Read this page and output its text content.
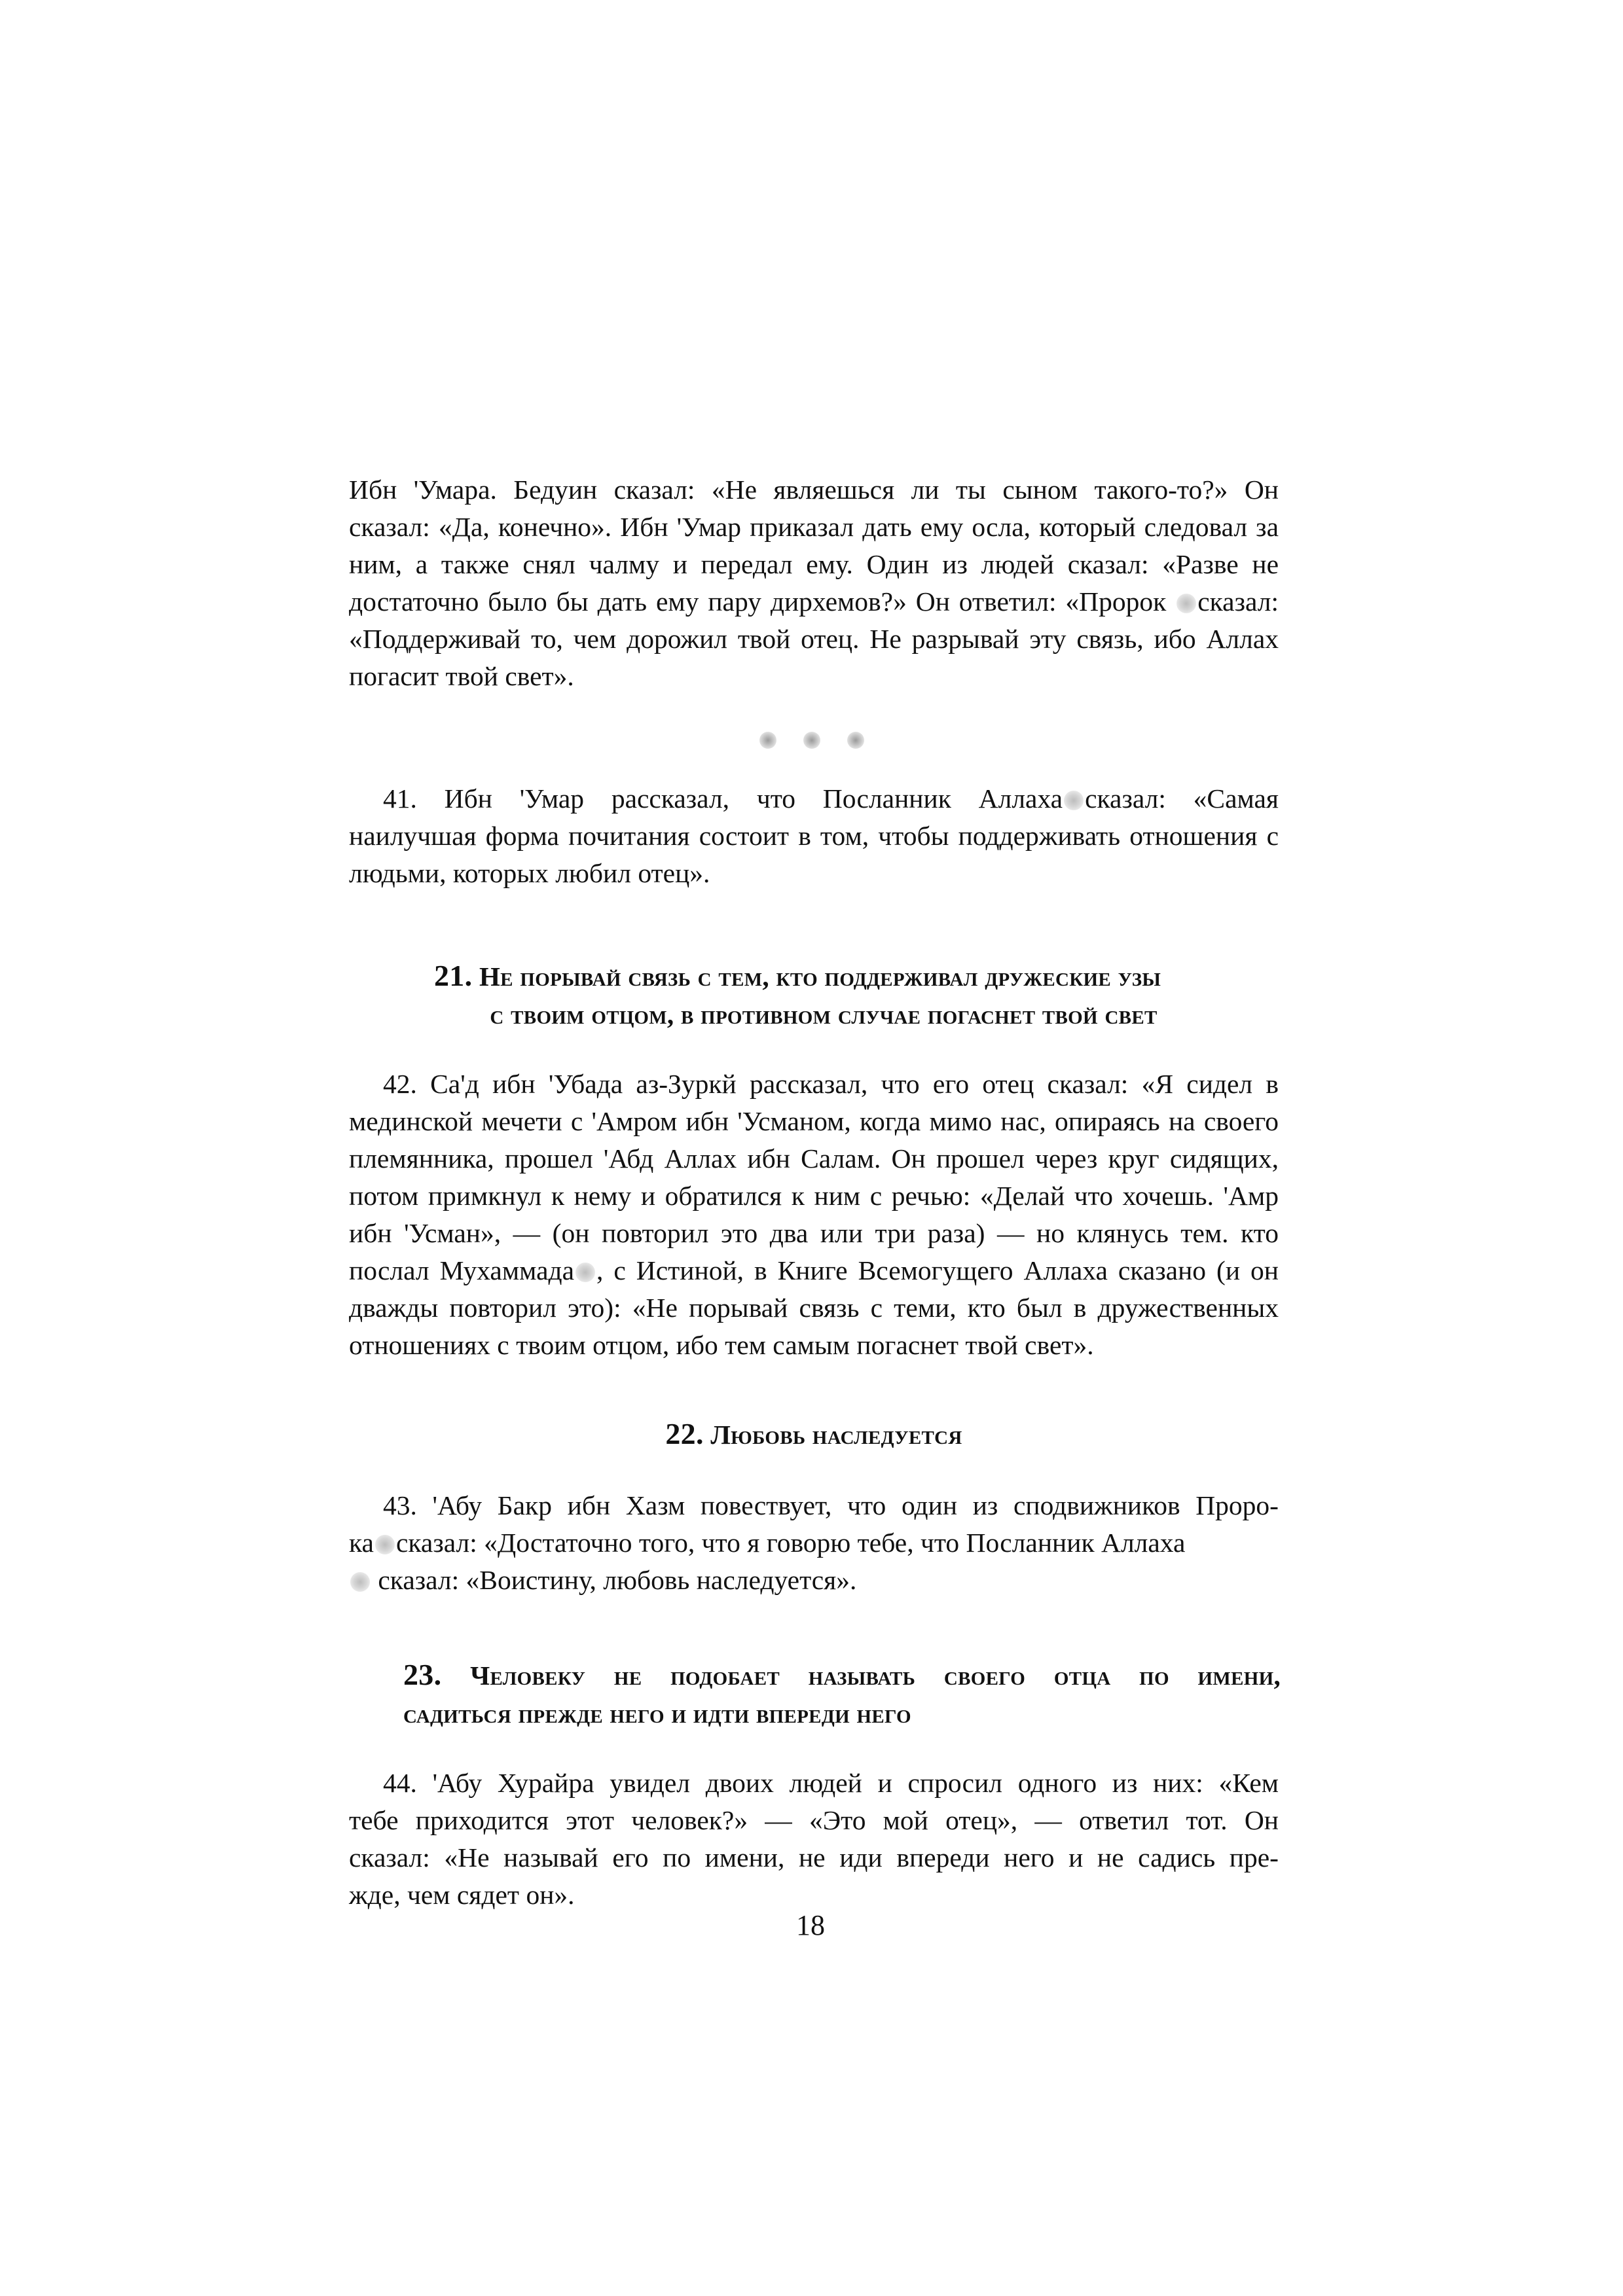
Ибн 'Умара. Бедуин сказал: «Не являешься ли ты сыном такого-то?» Он
сказал: «Да, конечно». Ибн 'Умар приказал дать ему осла, который следовал за
ним, а также снял чалму и передал ему. Один из людей сказал: «Разве не
достаточно было бы дать ему пару дирхемов?» Он ответил: «Пророк сказал:
«Поддерживай то, чем дорожил твой отец. Не разрывай эту связь, ибо Аллах
погасит твой свет».
41. Ибн 'Умар рассказал, что Посланник Аллаха сказал: «Самая
наилучшая форма почитания состоит в том, чтобы поддерживать отношения с
людьми, которых любил отец».
21. Не порывай связь с тем, кто поддерживал дружеские узы
с твоим отцом, в противном случае погаснет твой свет
42. Са'д ибн 'Убада аз-Зуркй рассказал, что его отец сказал: «Я сидел в
мединской мечети с 'Амром ибн 'Усманом, когда мимо нас, опираясь на своего
племянника, прошел 'Абд Аллах ибн Салам. Он прошел через круг сидящих,
потом примкнул к нему и обратился к ним с речью: «Делай что хочешь. 'Амр
ибн 'Усман», — (он повторил это два или три раза) — но клянусь тем. кто
послал Мухаммада , с Истиной, в Книге Всемогущего Аллаха сказано (и он
дважды повторил это): «Не порывай связь с теми, кто был в дружественных
отношениях с твоим отцом, ибо тем самым погаснет твой свет».
22. Любовь наследуется
43. 'Абу Бакр ибн Хазм повествует, что один из сподвижников Проро-
ка сказал: «Достаточно того, что я говорю тебе, что Посланник Аллаха
сказал: «Воистину, любовь наследуется».
23. Человеку не подобает называть своего отца по имени,
садиться прежде него и идти впереди него
44. 'Абу Хурайра увидел двоих людей и спросил одного из них: «Кем
тебе приходится этот человек?» — «Это мой отец», — ответил тот. Он
сказал: «Не называй его по имени, не иди впереди него и не садись пре-
жде, чем сядет он».
18
